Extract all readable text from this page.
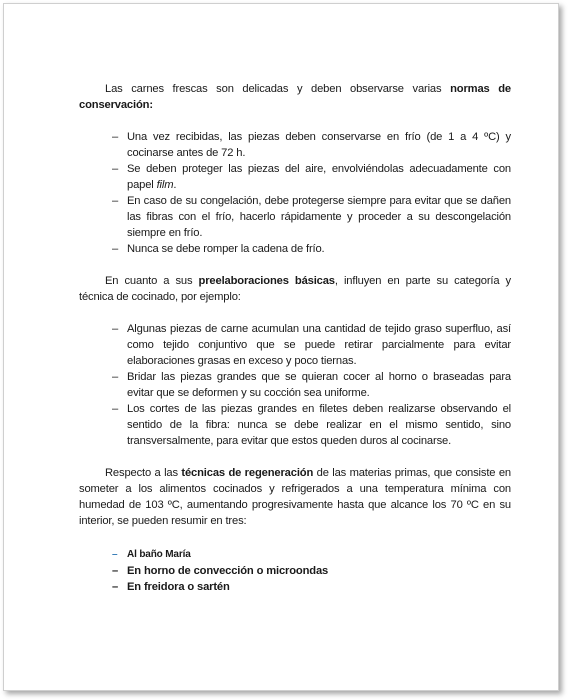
Las carnes frescas son delicadas y deben observarse varias normas de conservación:

– Una vez recibidas, las piezas deben conservarse en frío (de 1 a 4 ºC) y cocinarse antes de 72 h.
– Se deben proteger las piezas del aire, envolviéndolas adecuadamente con papel film.
– En caso de su congelación, debe protegerse siempre para evitar que se dañen las fibras con el frío, hacerlo rápidamente y proceder a su descongelación siempre en frío.
– Nunca se debe romper la cadena de frío.

En cuanto a sus preelaboraciones básicas, influyen en parte su categoría y técnica de cocinado, por ejemplo:

– Algunas piezas de carne acumulan una cantidad de tejido graso superfluo, así como tejido conjuntivo que se puede retirar parcialmente para evitar elaboraciones grasas en exceso y poco tiernas.
– Bridar las piezas grandes que se quieran cocer al horno o braseadas para evitar que se deformen y su cocción sea uniforme.
– Los cortes de las piezas grandes en filetes deben realizarse observando el sentido de la fibra: nunca se debe realizar en el mismo sentido, sino transversalmente, para evitar que estos queden duros al cocinarse.

Respecto a las técnicas de regeneración de las materias primas, que consiste en someter a los alimentos cocinados y refrigerados a una temperatura mínima con humedad de 103 ºC, aumentando progresivamente hasta que alcance los 70 ºC en su interior, se pueden resumir en tres:

– Al baño María
– En horno de convección o microondas
– En freidora o sartén
